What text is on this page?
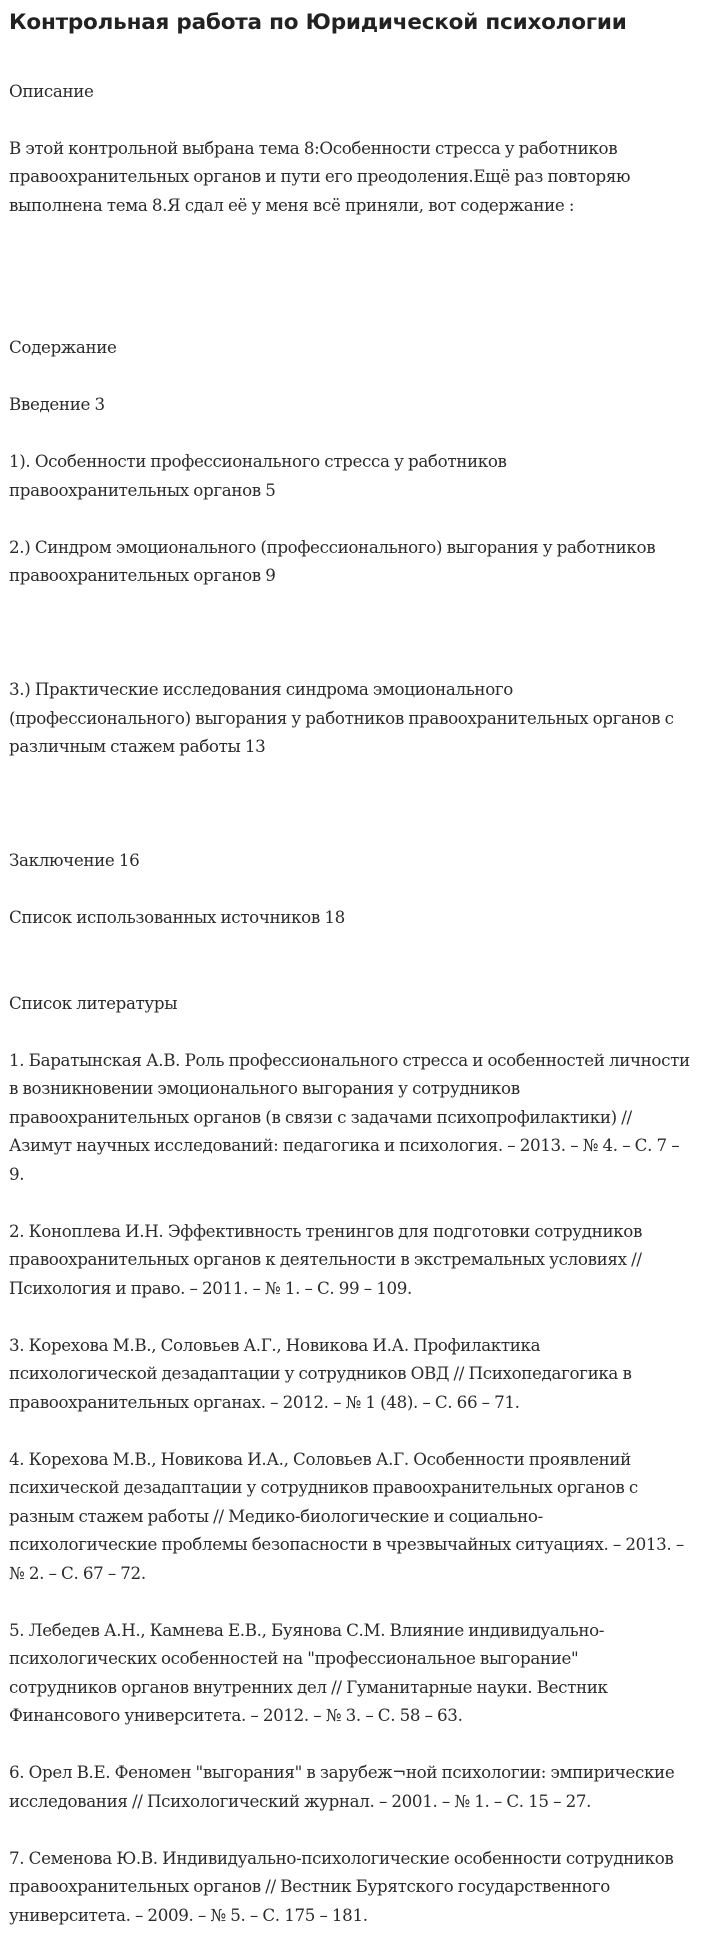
Контрольная работа по Юридической психологии

Описание

В этой контрольной выбрана тема 8:Особенности стресса у работников правоохранительных органов и пути его преодоления.Ещё раз повторяю выполнена тема 8.Я сдал её у меня всё приняли, вот содержание :

Содержание

Введение 3

1). Особенности профессионального стресса у работников правоохранительных органов 5

2.) Синдром эмоционального (профессионального) выгорания у работников правоохранительных органов 9

3.) Практические исследования синдрома эмоционального (профессионального) выгорания у работников правоохранительных органов с различным стажем работы 13

Заключение 16

Список использованных источников 18

Список литературы

1. Баратынская А.В. Роль профессионального стресса и особенностей личности в возникновении эмоционального выгорания у сотрудников правоохранительных органов (в связи с задачами психопрофилактики) // Азимут научных исследований: педагогика и психология. – 2013. – № 4. – С. 7 – 9.

2. Коноплева И.Н. Эффективность тренингов для подготовки сотрудников правоохранительных органов к деятельности в экстремальных условиях // Психология и право. – 2011. – № 1. – С. 99 – 109.

3. Корехова М.В., Соловьев А.Г., Новикова И.А. Профилактика психологической дезадаптации у сотрудников ОВД // Психопедагогика в правоохранительных органах. – 2012. – № 1 (48). – С. 66 – 71.

4. Корехова М.В., Новикова И.А., Соловьев А.Г. Особенности проявлений психической дезадаптации у сотрудников правоохранительных органов с разным стажем работы // Медико-биологические и социально-психологические проблемы безопасности в чрезвычайных ситуациях. – 2013. – № 2. – С. 67 – 72.

5. Лебедев А.Н., Камнева Е.В., Буянова С.М. Влияние индивидуально-психологических особенностей на "профессиональное выгорание" сотрудников органов внутренних дел // Гуманитарные науки. Вестник Финансового университета. – 2012. – № 3. – С. 58 – 63.

6. Орел В.Е. Феномен "выгорания" в зарубеж¬ной психологии: эмпирические исследования // Психологический журнал. – 2001. – № 1. – С. 15 – 27.

7. Семенова Ю.В. Индивидуально-психологические особенности сотрудников правоохранительных органов // Вестник Бурятского государственного университета. – 2009. – № 5. – С. 175 – 181.
